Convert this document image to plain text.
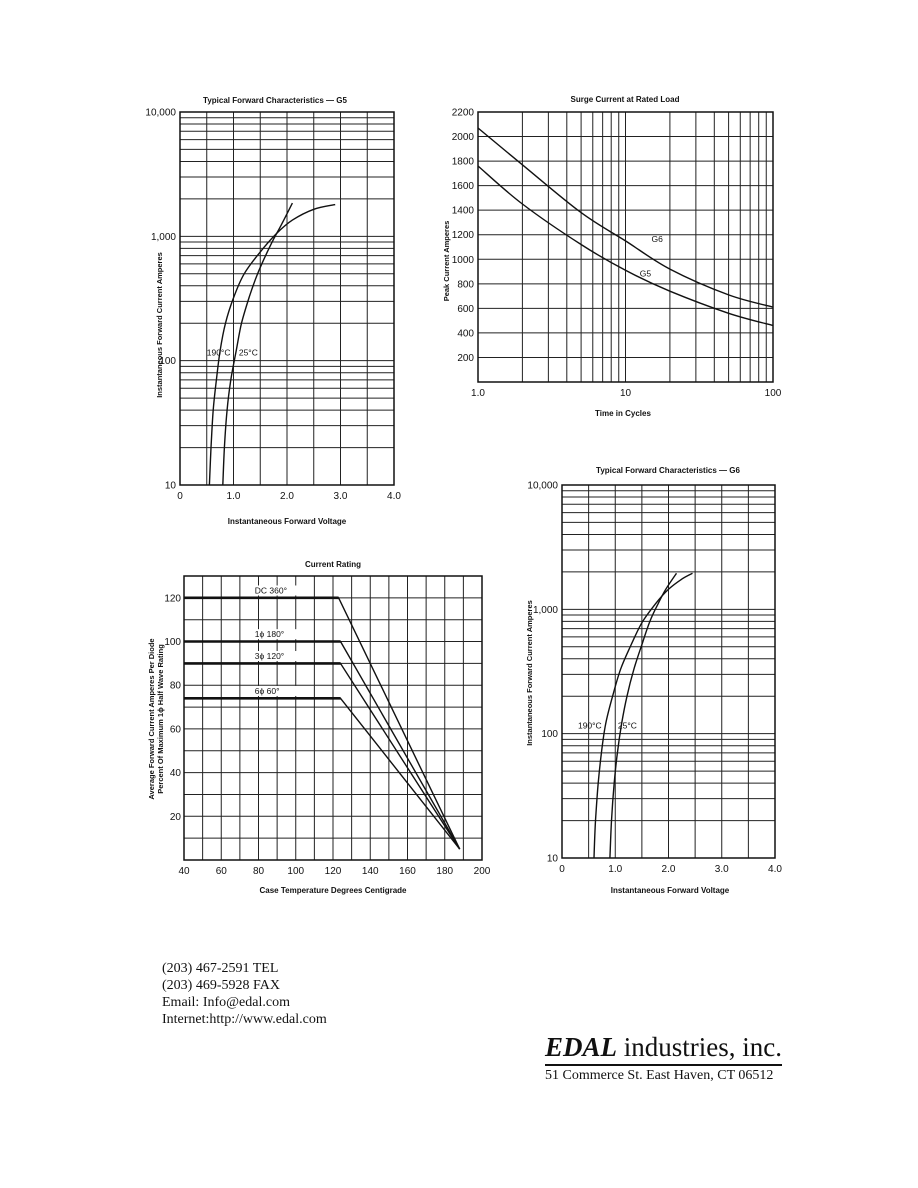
Typical Forward Characteristics — G5
Instantaneous Forward Voltage
Instantaneous Forward Current Amperes
10
100
1,000
10,000
0	1.0	2.0	3.0	4.0
190°C 25°C
Surge Current at Rated Load
Time in Cycles
Peak Current Amperes
200
400
600
800
1000
1200
1400
1600
1800
2000
2200
1.0	10	100
G6
G5
Current Rating
Case Temperature Degrees Centigrade
Average Forward Current Amperes Per Diode Percent Of Maximum 1ϕ Half Wave Rating
20
40
60
80
100
120
40	60	80 100 120 140 160 180 200
DC 360°
1ϕ 180°
3ϕ 120°
6ϕ 60°
Typical Forward Characteristics — G6
Instantaneous Forward Voltage
Instantaneous Forward Current Amperes
10
100
1,000
10,000
0	1.0	2.0	3.0	4.0
190°C 25°C
(203) 467-2591 TEL
(203) 469-5928 FAX
Email: Info@edal.com
Internet:http://www.edal.com
EDAL industries, inc.
51 Commerce St. East Haven, CT 06512
